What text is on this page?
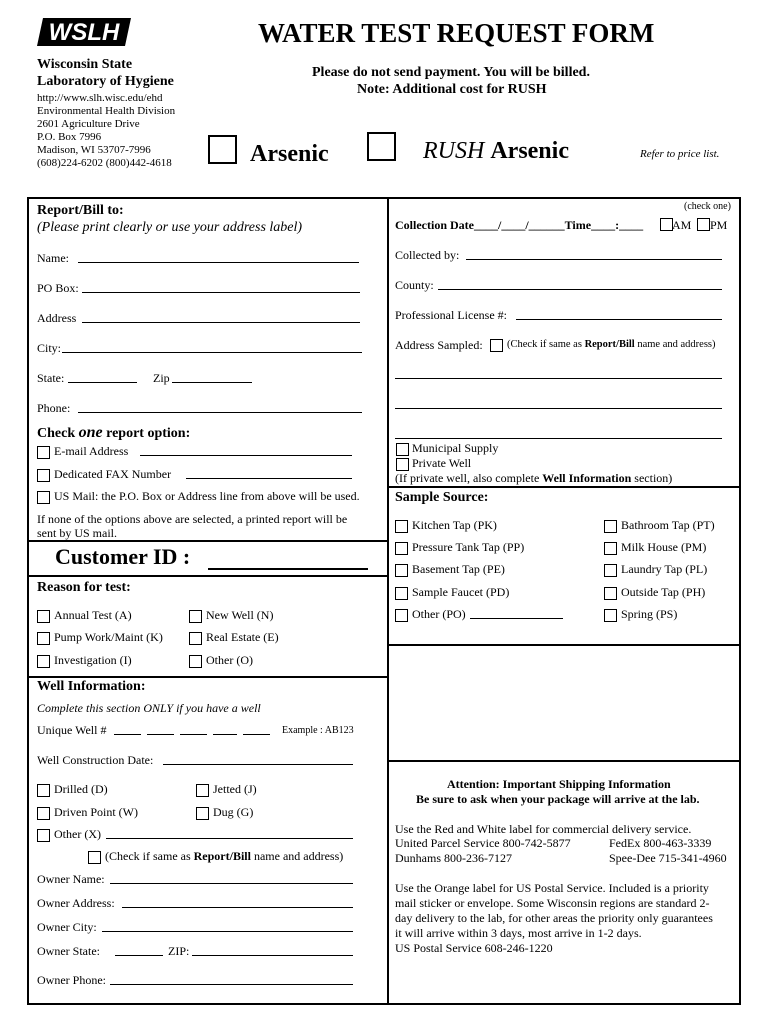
WSLH	WATER TEST REQUEST FORM
Wisconsin State
Laboratory of Hygiene
http://www.slh.wisc.edu/ehd
Environmental Health Division
2601 Agriculture Drive
P.O. Box 7996
Madison, WI 53707-7996
(608)224-6202 (800)442-4618
Please do not send payment. You will be billed.
Note: Additional cost for RUSH
Arsenic	RUSH Arsenic	Refer to price list.
Report/Bill to:
(Please print clearly or use your address label)
Name:
PO Box:
Address
City:
State:	Zip
Phone:
Check one report option:
E-mail Address
Dedicated FAX Number
US Mail: the P.O. Box or Address line from above will be used.
If none of the options above are selected, a printed report will be
sent by US mail.
Customer ID :
Reason for test:
Annual Test (A)	New Well (N)
Pump Work/Maint (K)	Real Estate (E)
Investigation (I)	Other (O)
Well Information:
Complete this section ONLY if you have a well
Unique Well #	Example : AB123
Well Construction Date:
Drilled (D)	Jetted (J)
Driven Point (W)	Dug (G)
Other (X)
(Check if same as Report/Bill name and address)
Owner Name:
Owner Address:
Owner City:
Owner State:	ZIP:
Owner Phone:
(check one)
Collection Date____/____/______Time____:____ AM PM
Collected by:
County:
Professional License #:
Address Sampled: (Check if same as Report/Bill name and address)
Municipal Supply
Private Well
(If private well, also complete Well Information section)
Sample Source:
Kitchen Tap (PK)	Bathroom Tap (PT)
Pressure Tank Tap (PP)	Milk House (PM)
Basement Tap (PE)	Laundry Tap (PL)
Sample Faucet (PD)	Outside Tap (PH)
Other (PO)	Spring (PS)
Attention: Important Shipping Information
Be sure to ask when your package will arrive at the lab.
Use the Red and White label for commercial delivery service.
United Parcel Service 800-742-5877	FedEx 800-463-3339
Dunhams 800-236-7127	Spee-Dee 715-341-4960
Use the Orange label for US Postal Service. Included is a priority
mail sticker or envelope. Some Wisconsin regions are standard 2-
day delivery to the lab, for other areas the priority only guarantees
it will arrive within 3 days, most arrive in 1-2 days.
US Postal Service 608-246-1220
